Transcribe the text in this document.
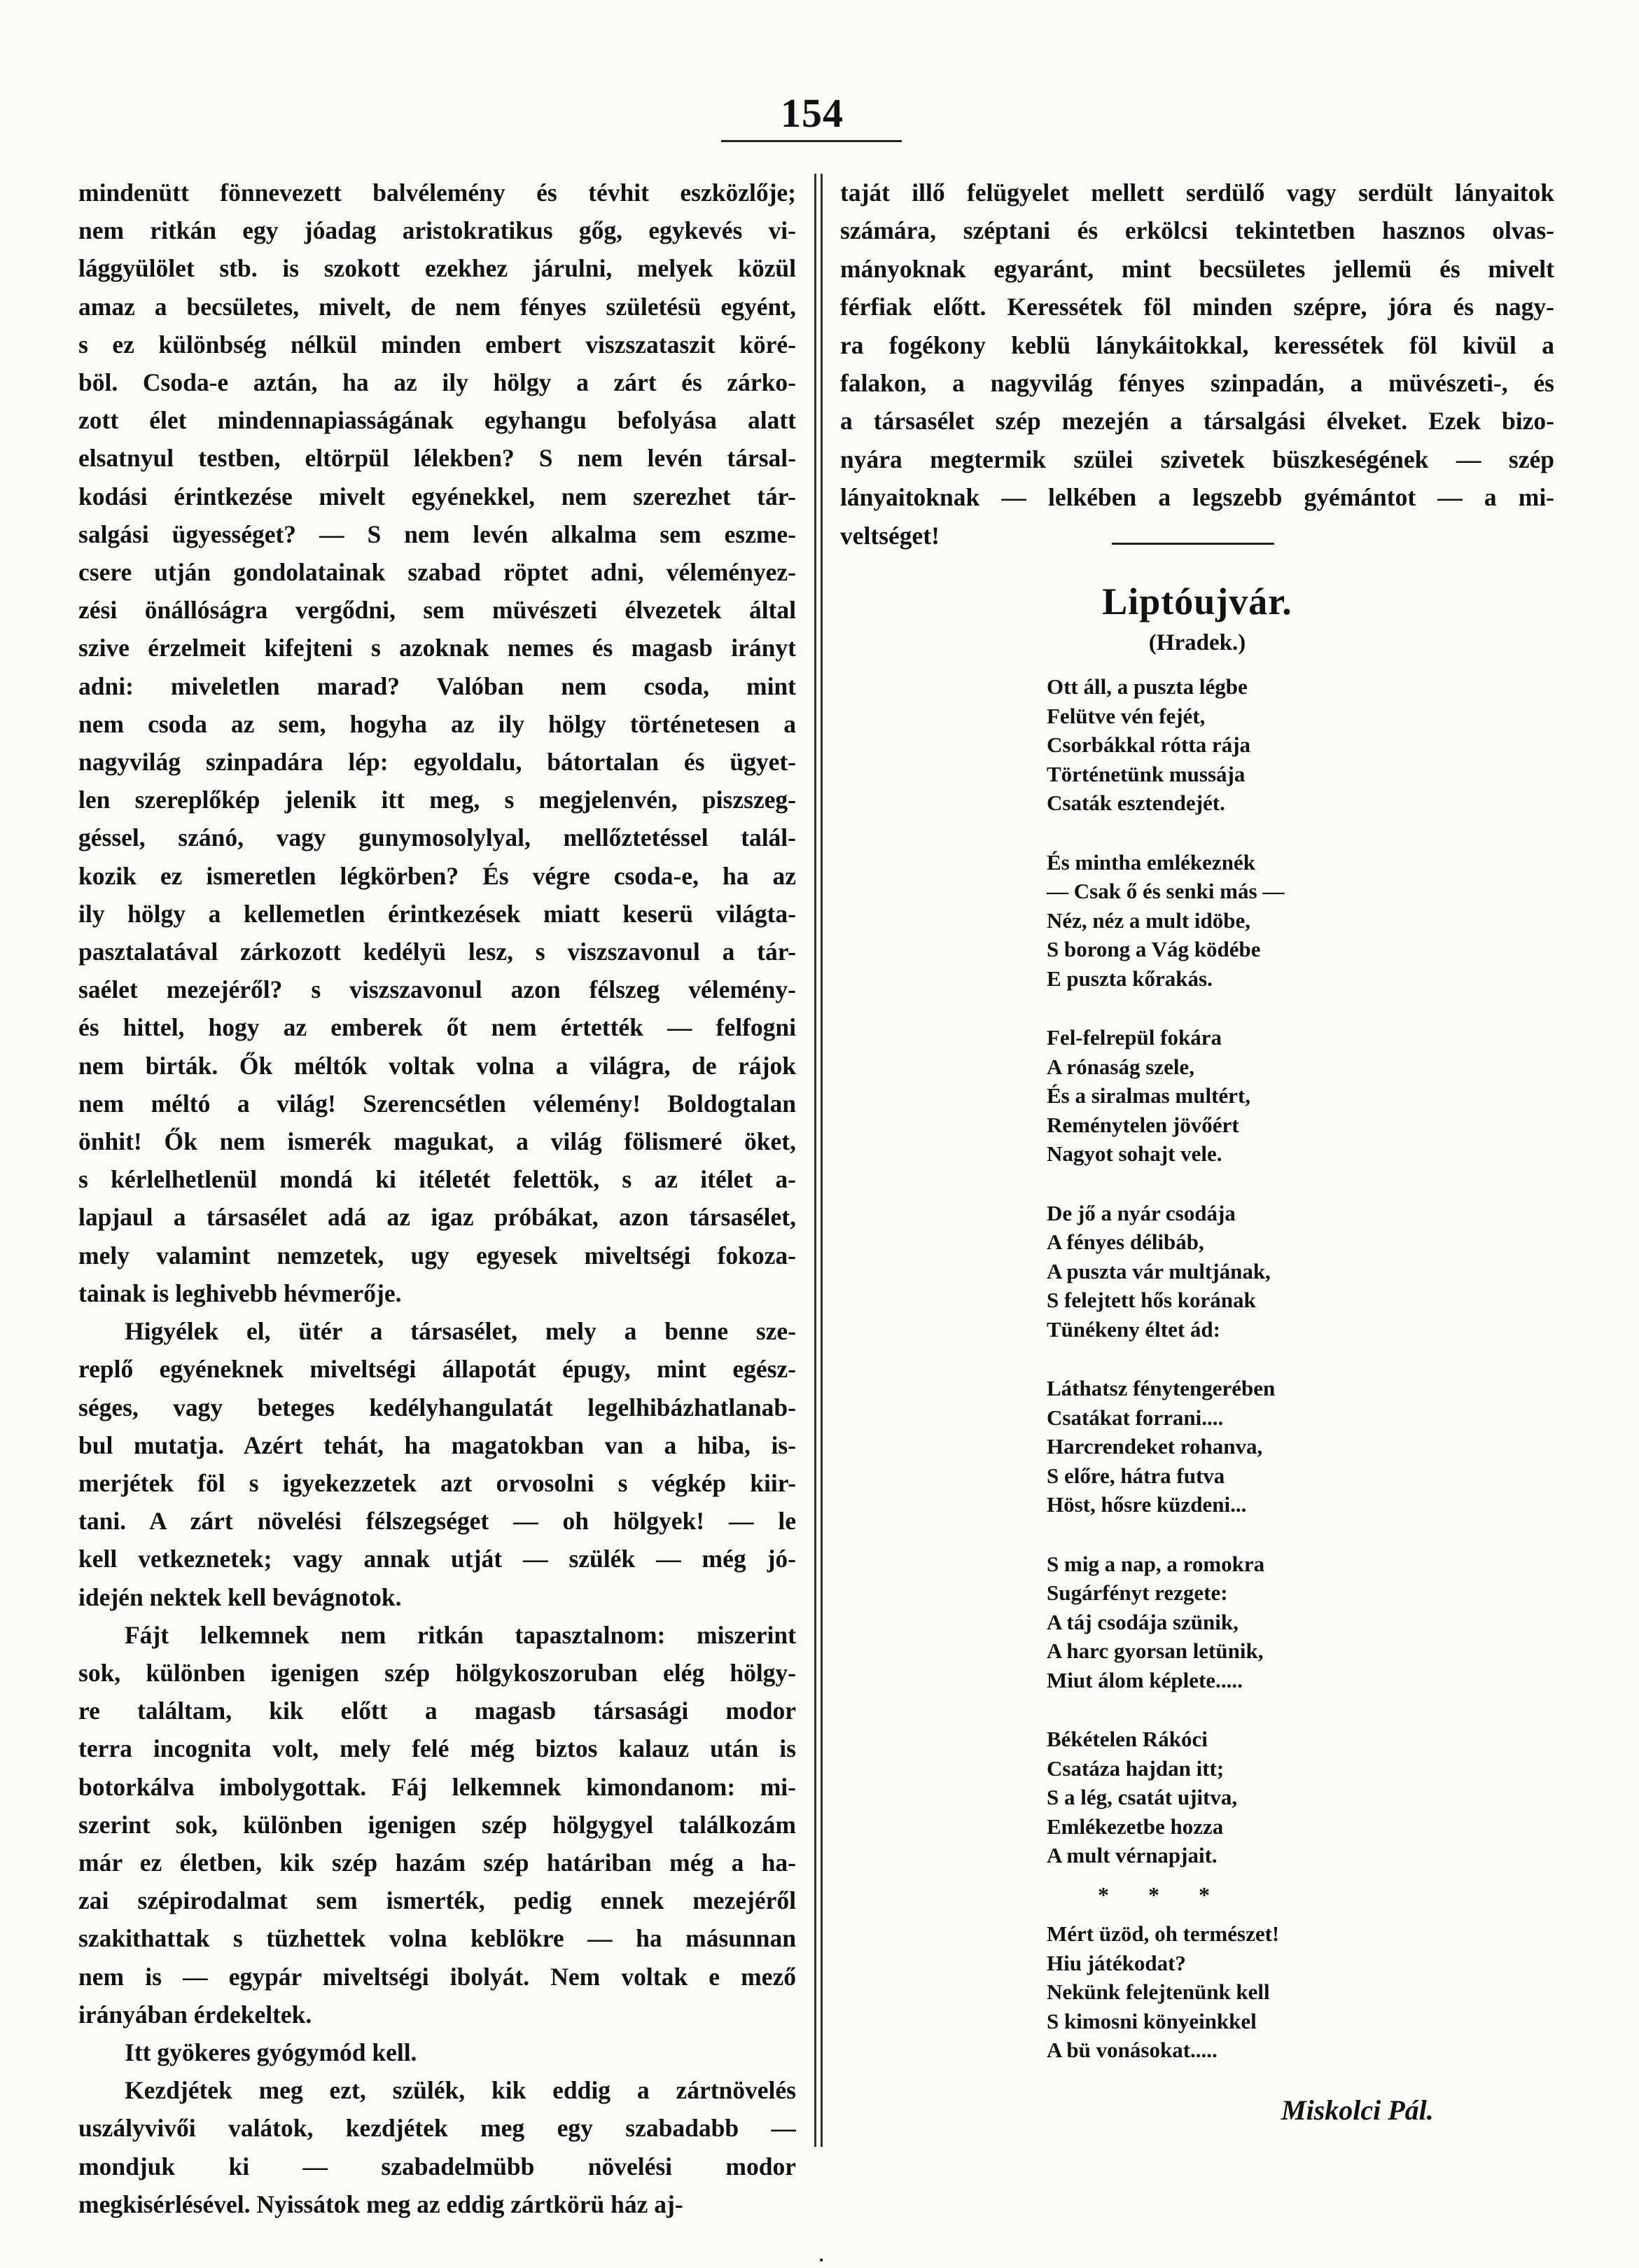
154
mindenütt fönnevezett balvélemény és tévhit eszközlője;
nem ritkán egy jóadag aristokratikus gőg, egykevés vi-
lággyülölet stb. is szokott ezekhez járulni, melyek közül
amaz a becsületes, mivelt, de nem fényes születésü egyént,
s ez különbség nélkül minden embert viszszataszit köré-
böl. Csoda-e aztán, ha az ily hölgy a zárt és zárko-
zott élet mindennapiasságának egyhangu befolyása alatt
elsatnyul testben, eltörpül lélekben? S nem levén társal-
kodási érintkezése mivelt egyénekkel, nem szerezhet tár-
salgási ügyességet? — S nem levén alkalma sem eszme-
csere utján gondolatainak szabad röptet adni, véleményez-
zési önállóságra vergődni, sem müvészeti élvezetek által
szive érzelmeit kifejteni s azoknak nemes és magasb irányt
adni: miveletlen marad? Valóban nem csoda, mint
nem csoda az sem, hogyha az ily hölgy történetesen a
nagyvilág szinpadára lép: egyoldalu, bátortalan és ügyet-
len szereplőkép jelenik itt meg, s megjelenvén, piszszeg-
géssel, szánó, vagy gunymosolylyal, mellőztetéssel talál-
kozik ez ismeretlen légkörben? És végre csoda-e, ha az
ily hölgy a kellemetlen érintkezések miatt keserü világta-
pasztalatával zárkozott kedélyü lesz, s viszszavonul a tár-
saélet mezejéről? s viszszavonul azon félszeg vélemény-
és hittel, hogy az emberek őt nem értették — felfogni
nem birták. Ők méltók voltak volna a világra, de rájok
nem méltó a világ! Szerencsétlen vélemény! Boldogtalan
önhit! Ők nem ismerék magukat, a világ fölismeré öket,
s kérlelhetlenül mondá ki itéletét felettök, s az itélet a-
lapjaul a társasélet adá az igaz próbákat, azon társasélet,
mely valamint nemzetek, ugy egyesek miveltségi fokoza-
tainak is leghivebb hévmerője.
Higyélek el, ütér a társasélet, mely a benne sze-
replő egyéneknek miveltségi állapotát épugy, mint egész-
séges, vagy beteges kedélyhangulatát legelhibázhatlanab-
bul mutatja. Azért tehát, ha magatokban van a hiba, is-
merjétek föl s igyekezzetek azt orvosolni s végkép kiir-
tani. A zárt növelési félszegséget — oh hölgyek! — le
kell vetkeznetek; vagy annak utját — szülék — még jó-
idején nektek kell bevágnotok.
Fájt lelkemnek nem ritkán tapasztalnom: miszerint
sok, különben igenigen szép hölgykoszoruban elég hölgy-
re találtam, kik előtt a magasb társasági modor
terra incognita volt, mely felé még biztos kalauz után is
botorkálva imbolygottak. Fáj lelkemnek kimondanom: mi-
szerint sok, különben igenigen szép hölgygyel találkozám
már ez életben, kik szép hazám szép határiban még a ha-
zai szépirodalmat sem ismerték, pedig ennek mezejéről
szakithattak s tüzhettek volna keblökre — ha másunnan
nem is — egypár miveltségi ibolyát. Nem voltak e mező
irányában érdekeltek.
Itt gyökeres gyógymód kell.
Kezdjétek meg ezt, szülék, kik eddig a zártnövelés
uszályvivői valátok, kezdjétek meg egy szabadabb —
mondjuk ki — szabadelmübb növelési modor
megkisérlésével. Nyissátok meg az eddig zártkörü ház aj-
taját illő felügyelet mellett serdülő vagy serdült lányaitok
számára, széptani és erkölcsi tekintetben hasznos olvas-
mányoknak egyaránt, mint becsületes jellemü és mivelt
férfiak előtt. Keressétek föl minden szépre, jóra és nagy-
ra fogékony keblü lánykáitokkal, keressétek föl kivül a
falakon, a nagyvilág fényes szinpadán, a müvészeti-, és
a társasélet szép mezején a társalgási élveket. Ezek bizo-
nyára megtermik szülei szivetek büszkeségének — szép
lányaitoknak — lelkében a legszebb gyémántot — a mi-
veltséget!
Liptóujvár.
(Hradek.)
Ott áll, a puszta légbe
Felütve vén fejét,
Csorbákkal rótta rája
Történetünk mussája
Csaták esztendejét.
És mintha emlékeznék
— Csak ő és senki más —
Néz, néz a mult idöbe,
S borong a Vág ködébe
E puszta kőrakás.
Fel-felrepül fokára
A rónaság szele,
És a siralmas multért,
Reménytelen jövőért
Nagyot sohajt vele.
De jő a nyár csodája
A fényes délibáb,
A puszta vár multjának,
S felejtett hős korának
Tünékeny éltet ád:
Láthatsz fénytengerében
Csatákat forrani....
Harcrendeket rohanva,
S előre, hátra futva
Höst, hősre küzdeni...
S mig a nap, a romokra
Sugárfényt rezgete:
A táj csodája szünik,
A harc gyorsan letünik,
Miut álom képlete.....
Békételen Rákóci
Csatáza hajdan itt;
S a lég, csatát ujitva,
Emlékezetbe hozza
A mult vérnapjait.
* * *
Mért üzöd, oh természet!
Hiu játékodat?
Nekünk felejtenünk kell
S kimosni könyeinkkel
A bü vonásokat.....
Miskolci Pál.
•
